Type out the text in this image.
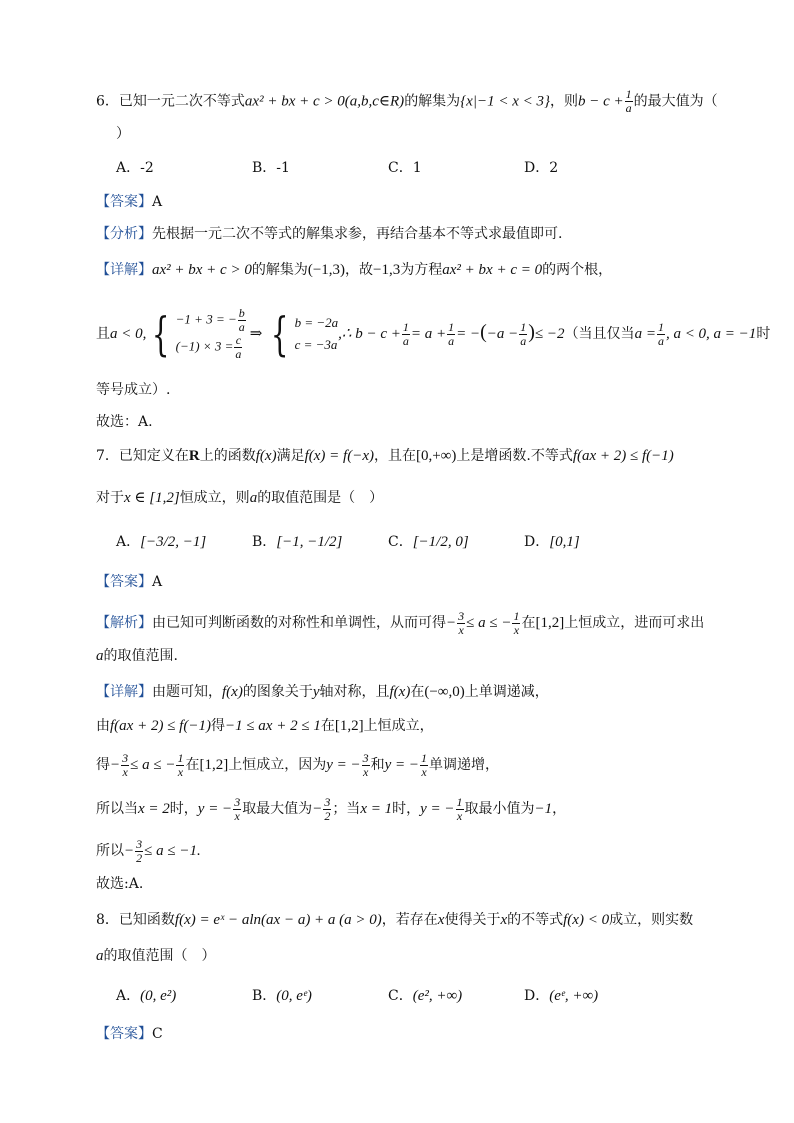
6．已知一元二次不等式ax² + bx + c > 0(a,b,c∈R)的解集为{x|−1 < x < 3}，则$b - c + \frac{1}{a}$ 的最大值为（
）
A．-2	B．-1	C．1	D．2
【答案】A
【分析】先根据一元二次不等式的解集求参，再结合基本不等式求最值即可.
【详解】ax² + bx + c > 0的解集为(−1,3)，故−1,3为方程ax² + bx + c = 0的两个根，
且a < 0, { −1 + 3 = − $\frac{b}{a}$
$(-1) \times 3 = \frac{c}{a}$ ⇒ { b = −2a
c = −3a
,∴ $b - c + \frac{1}{a} = a + \frac{1}{a} = -(-a - \frac{1}{a}$ )≤ −2（当且仅当$a = \frac{1}{a}$ , a < 0, a = −1时
等号成立）.
故选：A.
7．已知定义在R上的函数f(x)满足f(x) = f(−x)，且在[0,+∞)上是增函数.不等式f(ax + 2) ≤ f(−1)
对于x ∈ [1,2]恒成立，则a的取值范围是（　）
A．[−3/2, −1]	B．[−1, −1/2]	C．[−1/2, 0]	D．[0,1]
【答案】A
【解析】由已知可判断函数的对称性和单调性，从而可得− $\frac{3}{x} \le a$ ≤ − $\frac{1}{x}$ 在[1,2]上恒成立，进而可求出
a的取值范围.
【详解】由题可知，f(x)的图象关于y轴对称，且f(x)在(−∞,0)上单调递减，
由f(ax + 2) ≤ f(−1)得−1 ≤ ax + 2 ≤ 1在[1,2]上恒成立，
得− $\frac{3}{x} \le a$ ≤ − $\frac{1}{x}$ 在[1,2]上恒成立，因为y = − $\frac{3}{x}$ 和y = − $\frac{1}{x}$ 单调递增，
所以当x = 2时，y = − $\frac{3}{x}$ 取最大值为− $\frac{3}{2}$ ；当x = 1时，y = − $\frac{1}{x}$ 取最小值为−1，
所以− $\frac{3}{2} \le a \le -1$.
故选:A.
8．已知函数f(x) = eˣ − aln(ax − a) + a (a > 0)，若存在x使得关于x的不等式f(x) < 0成立，则实数
a的取值范围（　）
A．(0, e²)	B．(0, eᵉ)	C．(e², +∞)	D．(eᵉ, +∞)
【答案】C
